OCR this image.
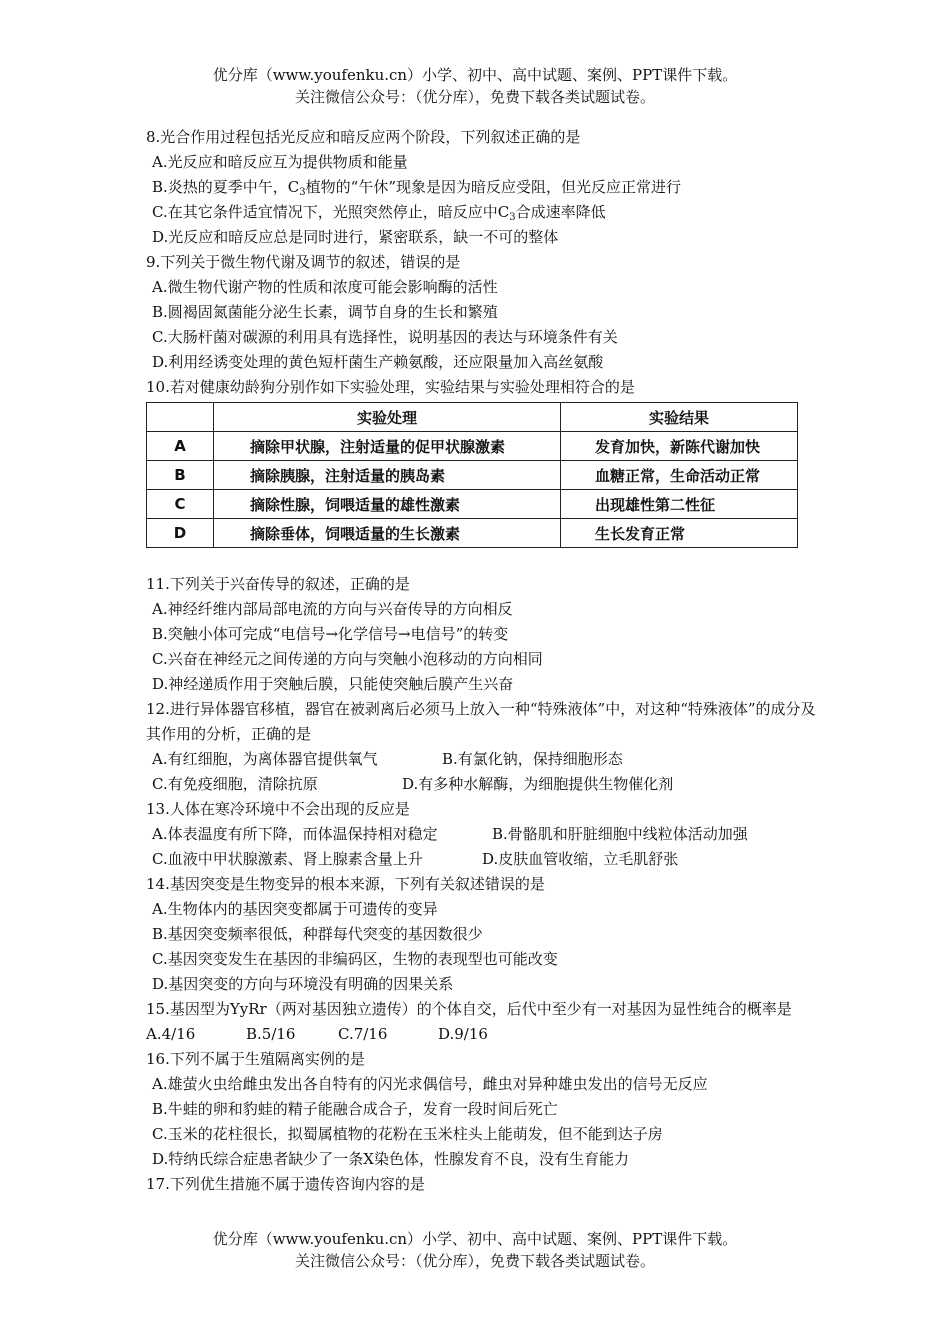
优分库（www.youfenku.cn）小学、初中、高中试题、案例、PPT课件下载。
关注微信公众号：（优分库），免费下载各类试题试卷。
8.光合作用过程包括光反应和暗反应两个阶段，下列叙述正确的是
A.光反应和暗反应互为提供物质和能量
B.炎热的夏季中午，$C_3$植物的“午休”现象是因为暗反应受阻，但光反应正常进行
C.在其它条件适宜情况下，光照突然停止，暗反应中$C_3$合成速率降低
D.光反应和暗反应总是同时进行，紧密联系，缺一不可的整体
9.下列关于微生物代谢及调节的叙述，错误的是
A.微生物代谢产物的性质和浓度可能会影响酶的活性
B.圆褐固氮菌能分泌生长素，调节自身的生长和繁殖
C.大肠杆菌对碳源的利用具有选择性，说明基因的表达与环境条件有关
D.利用经诱变处理的黄色短杆菌生产赖氨酸，还应限量加入高丝氨酸
10.若对健康幼龄狗分别作如下实验处理，实验结果与实验处理相符合的是
	实验处理	实验结果
A	摘除甲状腺，注射适量的促甲状腺激素	发育加快，新陈代谢加快
B	摘除胰腺，注射适量的胰岛素	血糖正常，生命活动正常
C	摘除性腺，饲喂适量的雄性激素	出现雄性第二性征
D	摘除垂体，饲喂适量的生长激素	生长发育正常
11.下列关于兴奋传导的叙述，正确的是
A.神经纤维内部局部电流的方向与兴奋传导的方向相反
B.突触小体可完成“电信号→化学信号→电信号”的转变
C.兴奋在神经元之间传递的方向与突触小泡移动的方向相同
D.神经递质作用于突触后膜，只能使突触后膜产生兴奋
12.进行异体器官移植，器官在被剥离后必须马上放入一种“特殊液体”中，对这种“特殊液体”的成分及其作用的分析，正确的是
A.有红细胞，为离体器官提供氧气	B.有氯化钠，保持细胞形态
C.有免疫细胞，清除抗原	D.有多种水解酶，为细胞提供生物催化剂
13.人体在寒冷环境中不会出现的反应是
A.体表温度有所下降，而体温保持相对稳定	B.骨骼肌和肝脏细胞中线粒体活动加强
C.血液中甲状腺激素、肾上腺素含量上升	D.皮肤血管收缩，立毛肌舒张
14.基因突变是生物变异的根本来源，下列有关叙述错误的是
A.生物体内的基因突变都属于可遗传的变异
B.基因突变频率很低，种群每代突变的基因数很少
C.基因突变发生在基因的非编码区，生物的表现型也可能改变
D.基因突变的方向与环境没有明确的因果关系
15.基因型为YyRr（两对基因独立遗传）的个体自交，后代中至少有一对基因为显性纯合的概率是
A.4/16	B.5/16	C.7/16	D.9/16
16.下列不属于生殖隔离实例的是
A.雄萤火虫给雌虫发出各自特有的闪光求偶信号，雌虫对异种雄虫发出的信号无反应
B.牛蛙的卵和豹蛙的精子能融合成合子，发育一段时间后死亡
C.玉米的花柱很长，拟蜀属植物的花粉在玉米柱头上能萌发，但不能到达子房
D.特纳氏综合症患者缺少了一条X染色体，性腺发育不良，没有生育能力
17.下列优生措施不属于遗传咨询内容的是
优分库（www.youfenku.cn）小学、初中、高中试题、案例、PPT课件下载。
关注微信公众号：（优分库），免费下载各类试题试卷。
